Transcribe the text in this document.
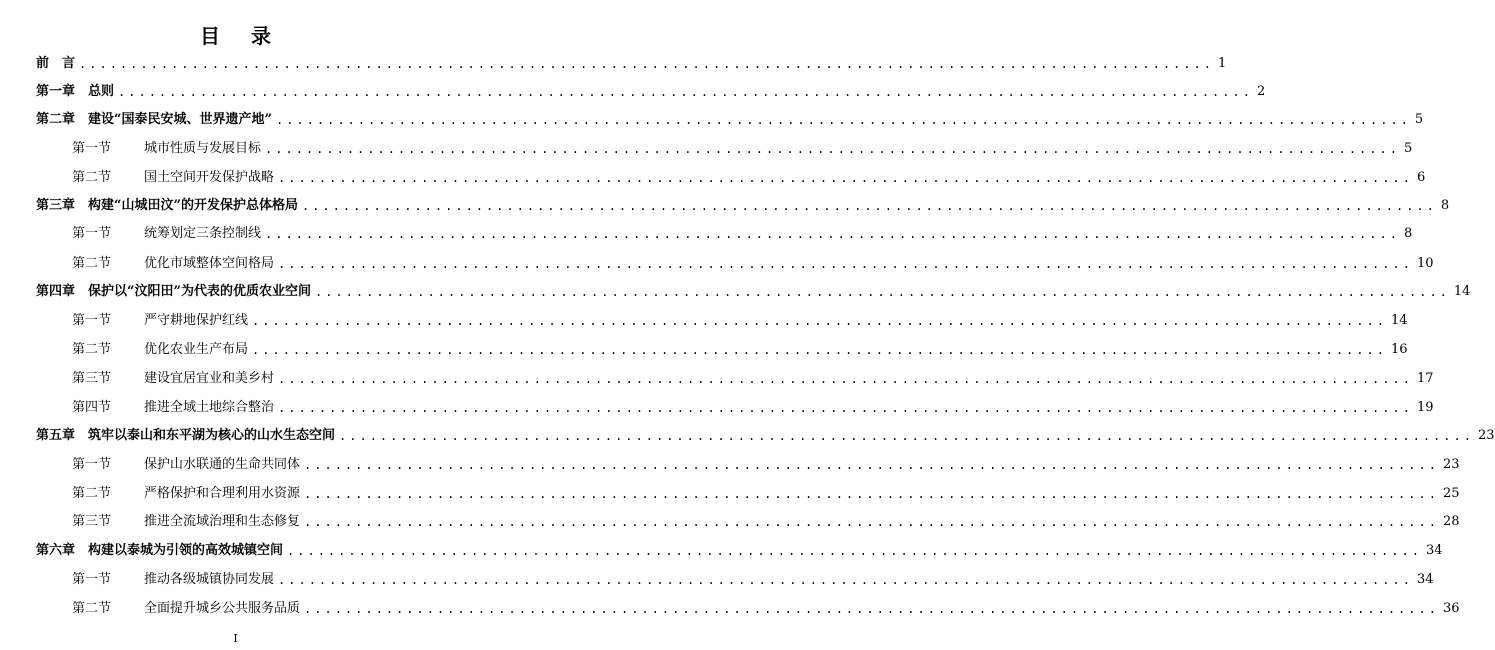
目 录
前　言 ............................................................................................................... 1
第一章　总则 ............................................................................................................... 2
第二章　建设“国泰民安城、世界遗产地” ............................................................................................................... 5
第一节	城市性质与发展目标 ............................................................................................................... 5
第二节	国土空间开发保护战略 ............................................................................................................... 6
第三章　构建“山城田汶”的开发保护总体格局 ............................................................................................................... 8
第一节	统筹划定三条控制线 ............................................................................................................... 8
第二节	优化市域整体空间格局 ............................................................................................................... 10
第四章　保护以“汶阳田”为代表的优质农业空间 ............................................................................................................... 14
第一节	严守耕地保护红线 ............................................................................................................... 14
第二节	优化农业生产布局 ............................................................................................................... 16
第三节	建设宜居宜业和美乡村 ............................................................................................................... 17
第四节	推进全域土地综合整治 ............................................................................................................... 19
第五章　筑牢以泰山和东平湖为核心的山水生态空间 ............................................................................................................... 23
第一节	保护山水联通的生命共同体 ............................................................................................................... 23
第二节	严格保护和合理利用水资源 ............................................................................................................... 25
第三节	推进全流域治理和生态修复 ............................................................................................................... 28
第六章　构建以泰城为引领的高效城镇空间 ............................................................................................................... 34
第一节	推动各级城镇协同发展 ............................................................................................................... 34
第二节	全面提升城乡公共服务品质 ............................................................................................................... 36
I
